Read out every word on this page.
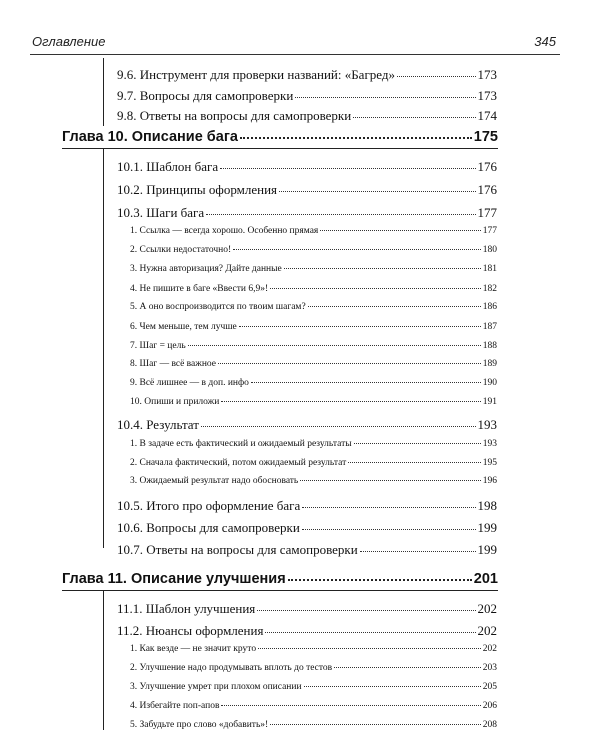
Оглавление	345
9.6. Инструмент для проверки названий: «Багред»	173
9.7. Вопросы для самопроверки	173
9.8. Ответы на вопросы для самопроверки	174
Глава 10. Описание бага	175
10.1. Шаблон бага	176
10.2. Принципы оформления	176
10.3. Шаги бага	177
1. Ссылка — всегда хорошо. Особенно прямая	177
2. Ссылки недостаточно!	180
3. Нужна авторизация? Дайте данные	181
4. Не пишите в баге «Ввести 6,9»!	182
5. А оно воспроизводится по твоим шагам?	186
6. Чем меньше, тем лучше	187
7. Шаг = цель	188
8. Шаг — всё важное	189
9. Всё лишнее — в доп. инфо	190
10. Опиши и приложи	191
10.4. Результат	193
1. В задаче есть фактический и ожидаемый результаты	193
2. Сначала фактический, потом ожидаемый результат	195
3. Ожидаемый результат надо обосновать	196
10.5. Итого про оформление бага	198
10.6. Вопросы для самопроверки	199
10.7. Ответы на вопросы для самопроверки	199
Глава 11. Описание улучшения	201
11.1. Шаблон улучшения	202
11.2. Нюансы оформления	202
1. Как везде — не значит круто	202
2. Улучшение надо продумывать вплоть до тестов	203
3. Улучшение умрет при плохом описании	205
4. Избегайте поп-апов	206
5. Забудьте про слово «добавить»!	208
